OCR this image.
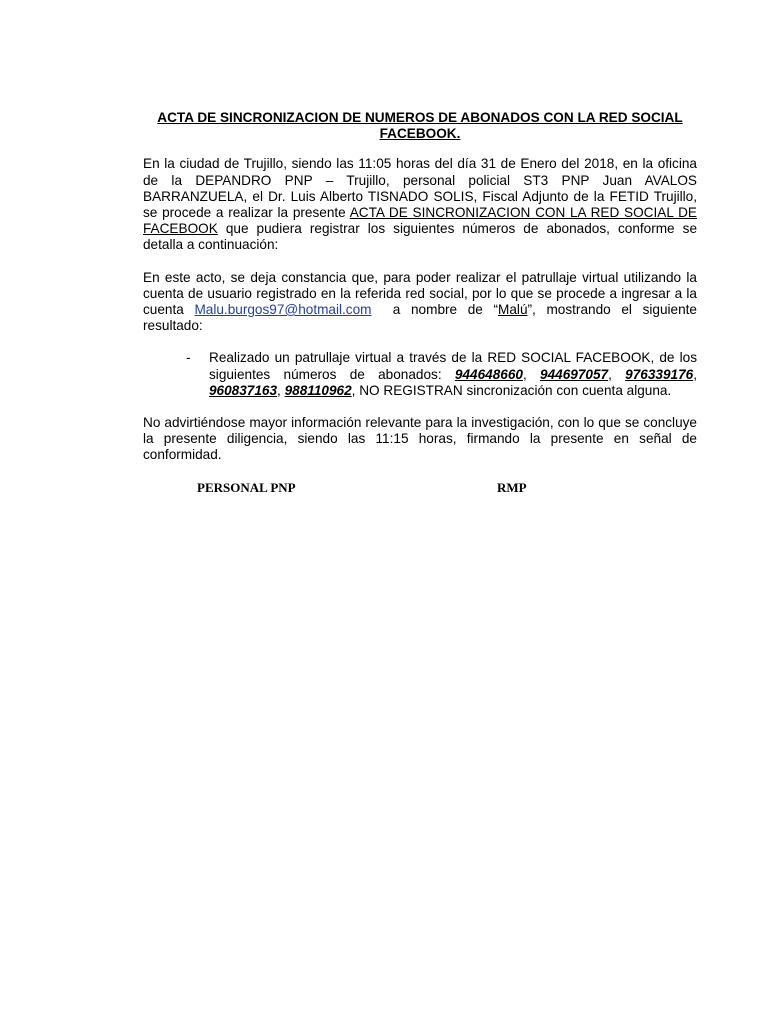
ACTA DE SINCRONIZACION DE NUMEROS DE ABONADOS CON LA RED SOCIAL
FACEBOOK.

En la ciudad de Trujillo, siendo las 11:05 horas del día 31 de Enero del 2018, en la oficina de la DEPANDRO PNP – Trujillo, personal policial ST3 PNP Juan AVALOS BARRANZUELA, el Dr. Luis Alberto TISNADO SOLIS, Fiscal Adjunto de la FETID Trujillo, se procede a realizar la presente ACTA DE SINCRONIZACION CON LA RED SOCIAL DE FACEBOOK que pudiera registrar los siguientes números de abonados, conforme se detalla a continuación:

En este acto, se deja constancia que, para poder realizar el patrullaje virtual utilizando la cuenta de usuario registrado en la referida red social, por lo que se procede a ingresar a la cuenta Malu.burgos97@hotmail.com  a nombre de “Malú”, mostrando el siguiente resultado:

-	Realizado un patrullaje virtual a través de la RED SOCIAL FACEBOOK, de los siguientes números de abonados: 944648660, 944697057, 976339176, 960837163, 988110962, NO REGISTRAN sincronización con cuenta alguna.

No advirtiéndose mayor información relevante para la investigación, con lo que se concluye la presente diligencia, siendo las 11:15 horas, firmando la presente en señal de conformidad.

PERSONAL PNP	RMP
